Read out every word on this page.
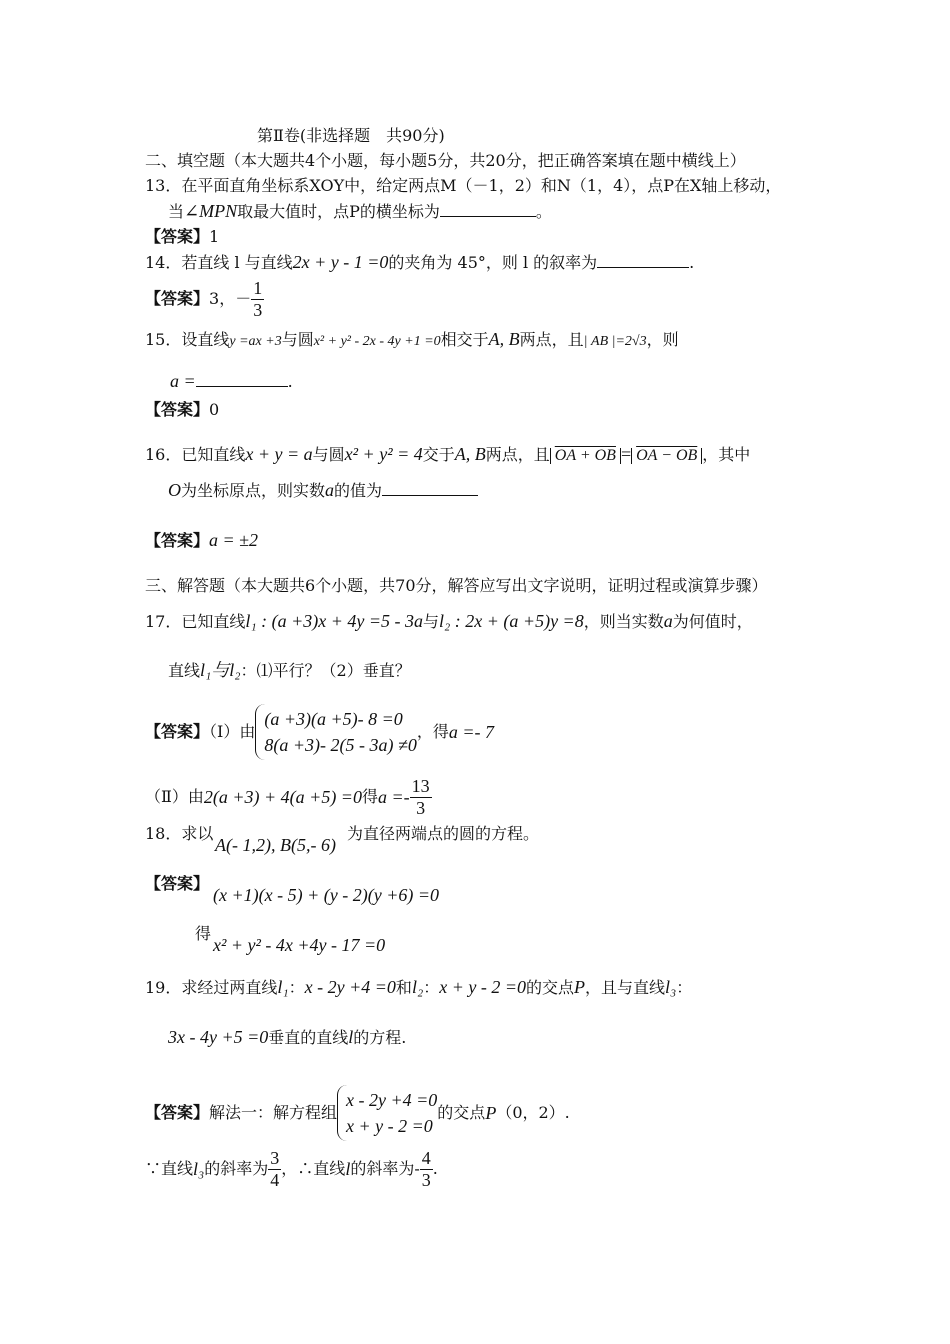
第Ⅱ卷(非选择题　共90分)
二、填空题（本大题共4个小题，每小题5分，共20分，把正确答案填在题中横线上）
13．在平面直角坐标系XOY中，给定两点M（－1，2）和N（1，4），点P在X轴上移动，
当∠MPN取最大值时，点P的横坐标为	。
【答案】1
14．若直线 l 与直线2x + y - 1 =0的夹角为 45°，则 l 的叙率为	.
【答案】3，－ $\frac{1}{3}$
15．设直线y =ax +3与圆x² + y² - 2x - 4y +1 =0相交于A, B两点，且| AB |=2√3，则
a =	.
【答案】0
16．已知直线x + y = a与圆x² + y² = 4交于A, B两点，且 OA + OB = OA − OB ，其中
O为坐标原点，则实数a的值为
【答案】a = ±2
三、解答题（本大题共6个小题，共70分，解答应写出文字说明，证明过程或演算步骤）
17．已知直线l₁ : (a +3)x + 4y =5 - 3a与l₂ : 2x + (a +5)y =8，则当实数a为何值时，
直线l₁与l₂：⑴平行？（2）垂直？
【答案】（Ⅰ）由
(a +3)(a +5)- 8 =0
8(a +3)- 2(5 - 3a) ≠0
，得a =- 7
（Ⅱ）由2(a +3) + 4(a +5) =0得$a =- \frac{13}{3}$
18．求以
A(- 1,2), B(5,- 6)
为直径两端点的圆的方程。
【答案】
(x +1)(x - 5) + (y - 2)(y +6) =0
得
x² + y² - 4x +4y - 17 =0
19．求经过两直线l₁：x - 2y +4 =0和l₂：x + y - 2 =0的交点P，且与直线l₃：
3x - 4y +5 =0垂直的直线l的方程.
【答案】解法一：解方程组
x - 2y +4 =0
x + y - 2 =0
的交点P（0，2）.
∵直线l₃的斜率为 $\frac{3}{4}$ ，∴直线l的斜率为- $\frac{4}{3}$ .
